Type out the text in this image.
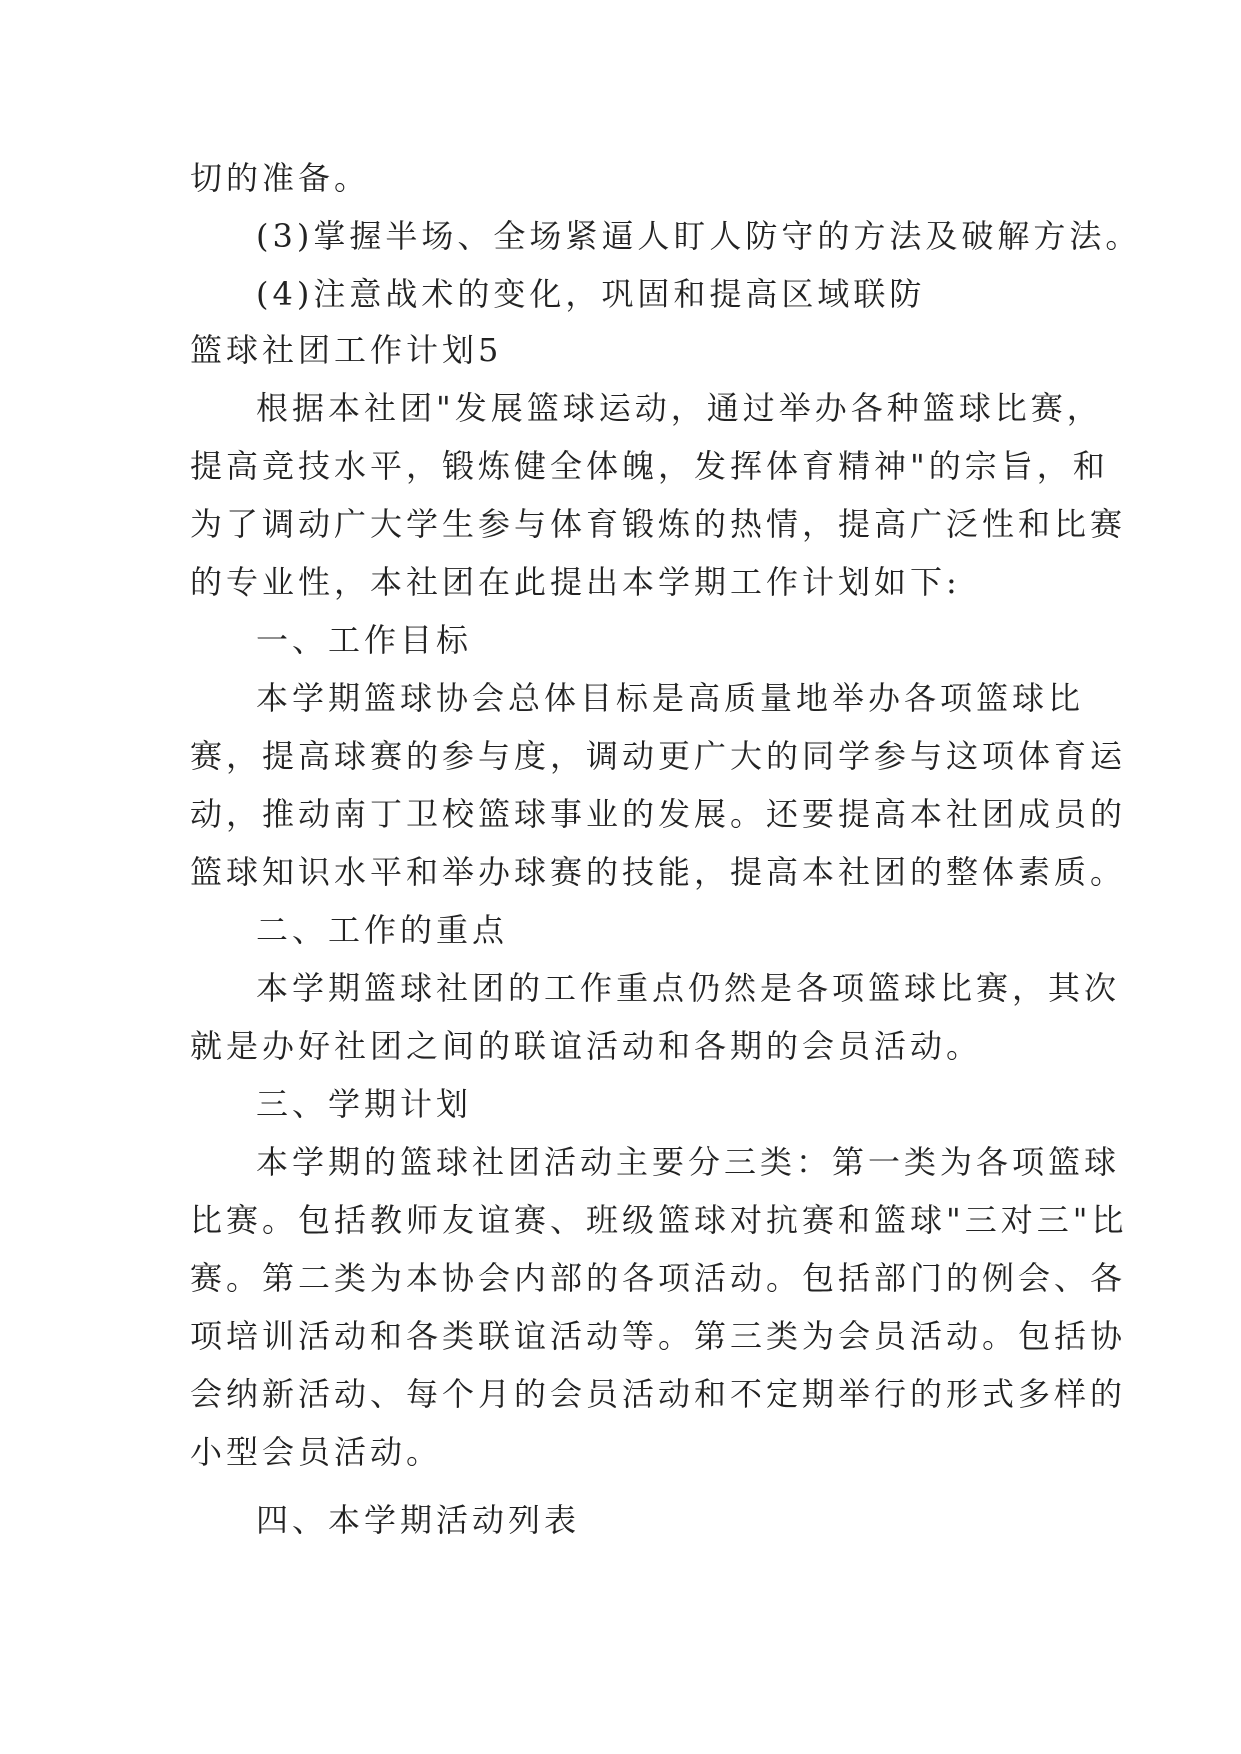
切的准备。
(3)掌握半场、全场紧逼人盯人防守的方法及破解方法。
(4)注意战术的变化，巩固和提高区域联防
篮球社团工作计划5
根据本社团"发展篮球运动，通过举办各种篮球比赛，
提高竞技水平，锻炼健全体魄，发挥体育精神"的宗旨，和
为了调动广大学生参与体育锻炼的热情，提高广泛性和比赛
的专业性，本社团在此提出本学期工作计划如下:
一、工作目标
本学期篮球协会总体目标是高质量地举办各项篮球比
赛，提高球赛的参与度，调动更广大的同学参与这项体育运
动，推动南丁卫校篮球事业的发展。还要提高本社团成员的
篮球知识水平和举办球赛的技能，提高本社团的整体素质。
二、工作的重点
本学期篮球社团的工作重点仍然是各项篮球比赛，其次
就是办好社团之间的联谊活动和各期的会员活动。
三、学期计划
本学期的篮球社团活动主要分三类：第一类为各项篮球
比赛。包括教师友谊赛、班级篮球对抗赛和篮球"三对三"比
赛。第二类为本协会内部的各项活动。包括部门的例会、各
项培训活动和各类联谊活动等。第三类为会员活动。包括协
会纳新活动、每个月的会员活动和不定期举行的形式多样的
小型会员活动。
四、本学期活动列表
